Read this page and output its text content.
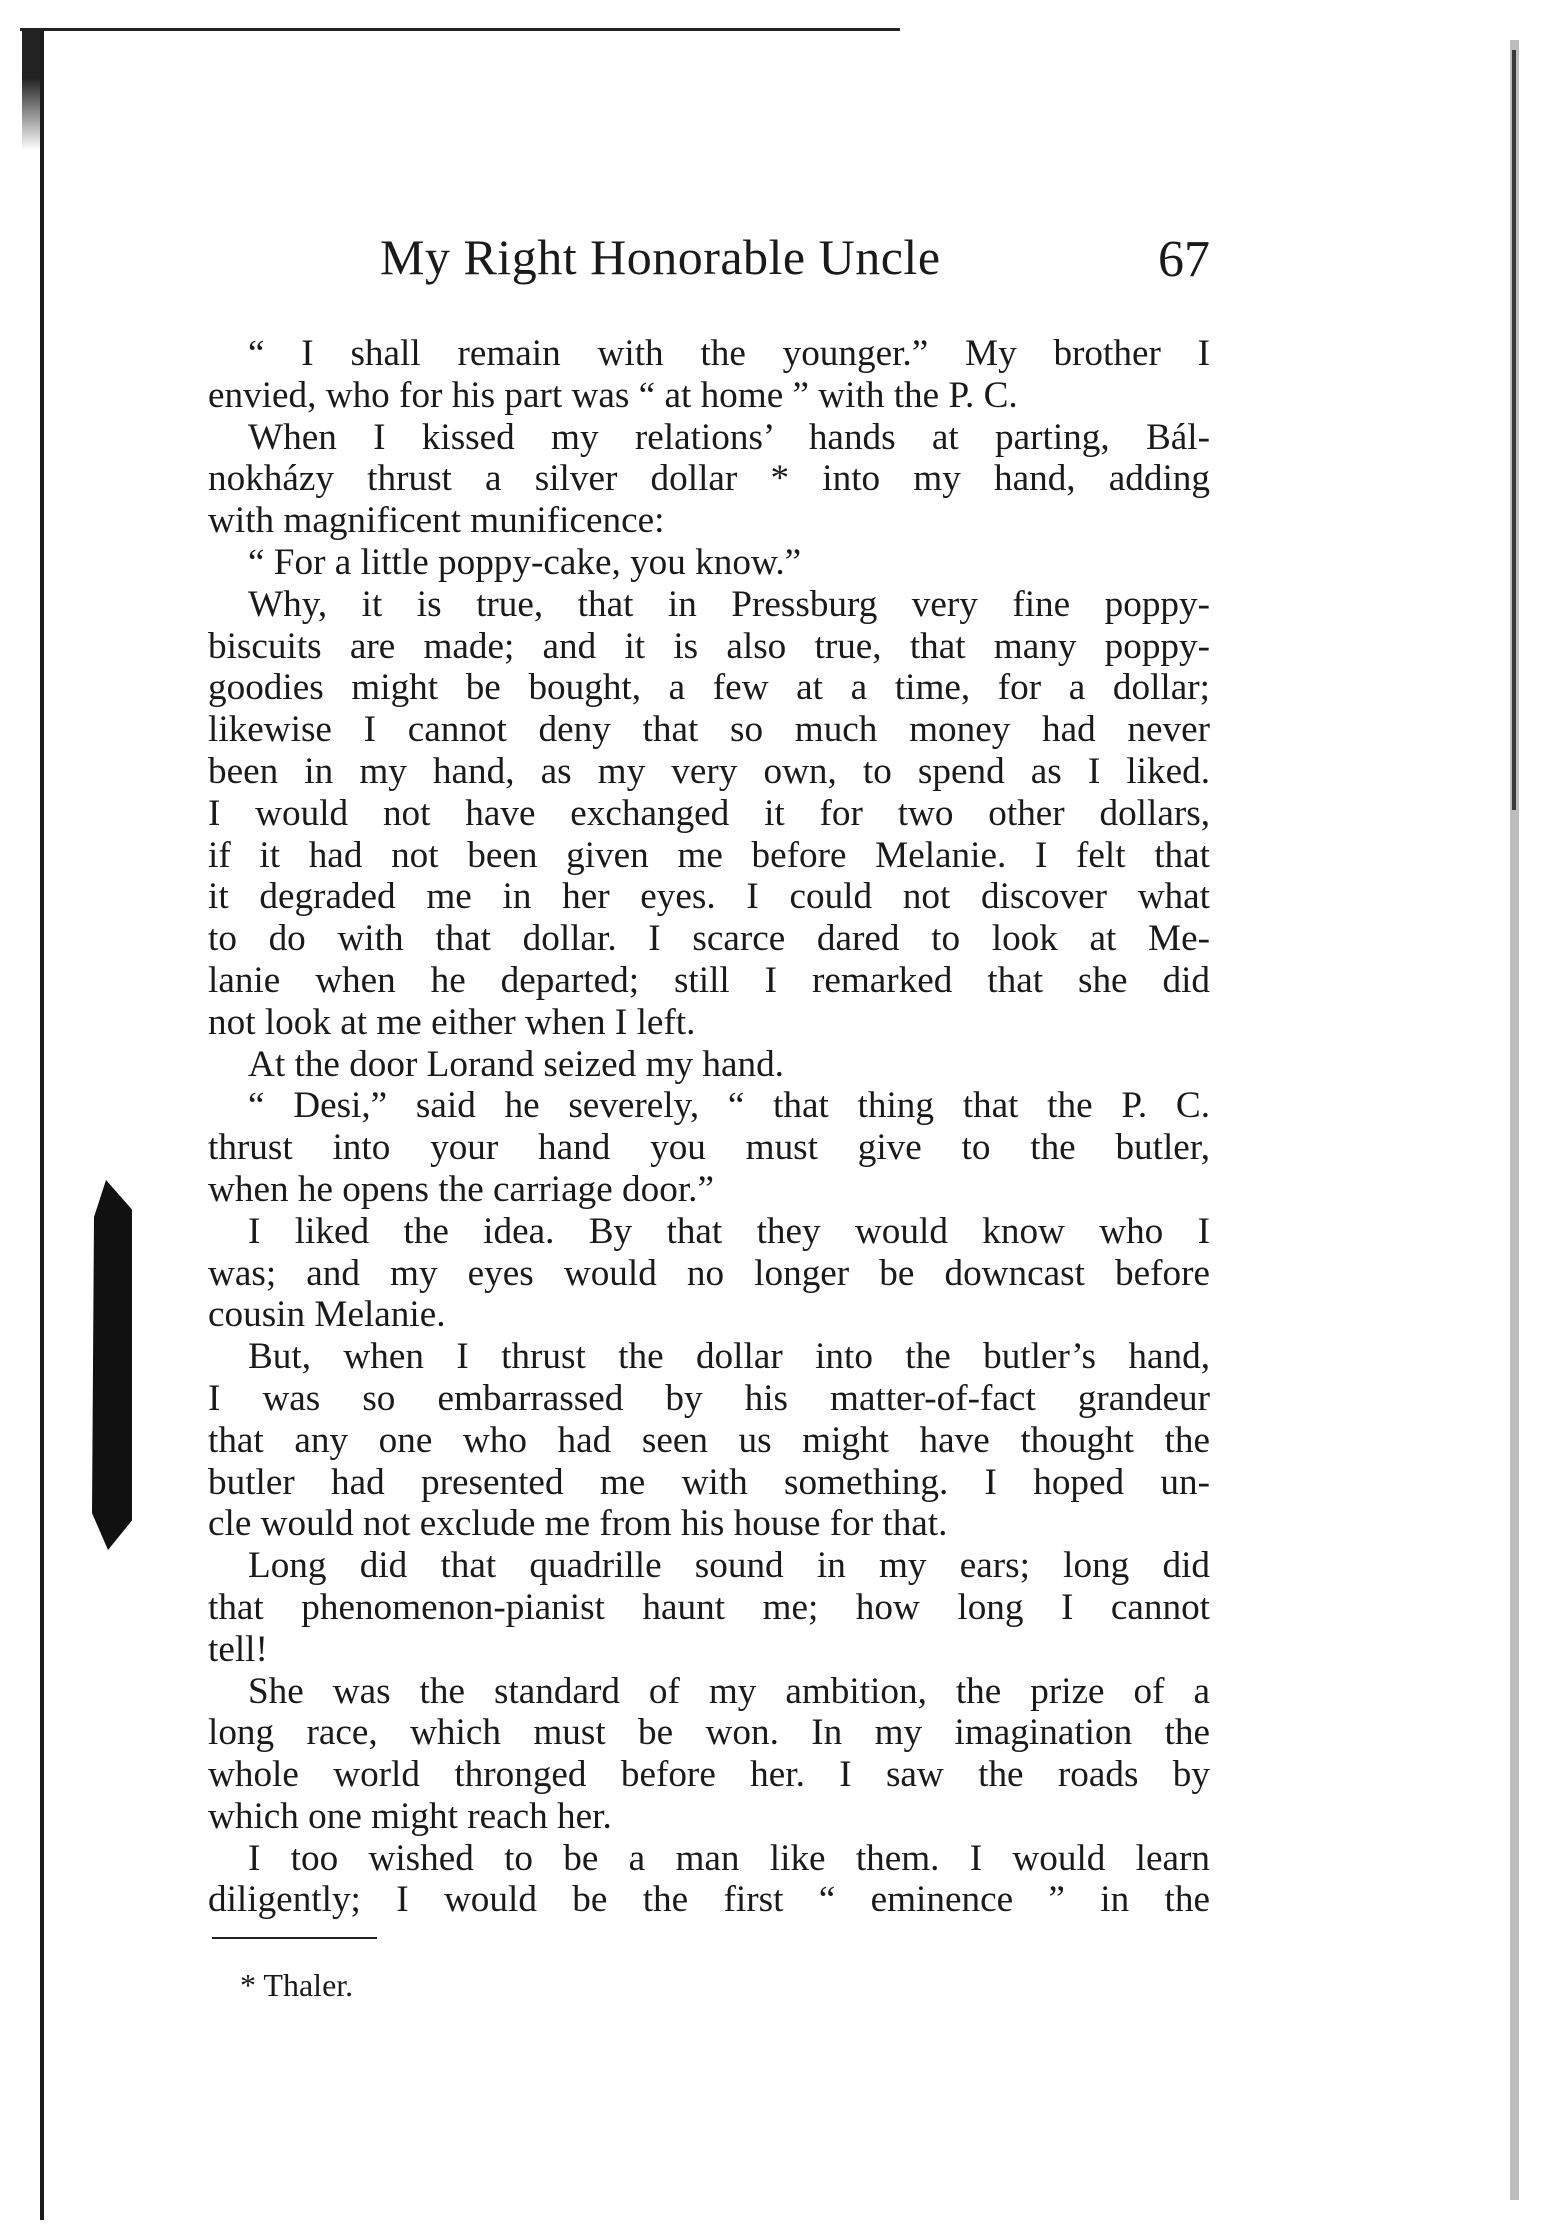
My Right Honorable Uncle	67
“ I shall remain with the younger.” My brother I
envied, who for his part was “ at home ” with the P. C.
When I kissed my relations’ hands at parting, Bál-
nokházy thrust a silver dollar * into my hand, adding
with magnificent munificence:
“ For a little poppy-cake, you know.”
Why, it is true, that in Pressburg very fine poppy-
biscuits are made; and it is also true, that many poppy-
goodies might be bought, a few at a time, for a dollar;
likewise I cannot deny that so much money had never
been in my hand, as my very own, to spend as I liked.
I would not have exchanged it for two other dollars,
if it had not been given me before Melanie. I felt that
it degraded me in her eyes. I could not discover what
to do with that dollar. I scarce dared to look at Me-
lanie when he departed; still I remarked that she did
not look at me either when I left.
At the door Lorand seized my hand.
“ Desi,” said he severely, “ that thing that the P. C.
thrust into your hand you must give to the butler,
when he opens the carriage door.”
I liked the idea. By that they would know who I
was; and my eyes would no longer be downcast before
cousin Melanie.
But, when I thrust the dollar into the butler’s hand,
I was so embarrassed by his matter-of-fact grandeur
that any one who had seen us might have thought the
butler had presented me with something. I hoped un-
cle would not exclude me from his house for that.
Long did that quadrille sound in my ears; long did
that phenomenon-pianist haunt me; how long I cannot
tell!
She was the standard of my ambition, the prize of a
long race, which must be won. In my imagination the
whole world thronged before her. I saw the roads by
which one might reach her.
I too wished to be a man like them. I would learn
diligently; I would be the first “ eminence ” in the
* Thaler.
